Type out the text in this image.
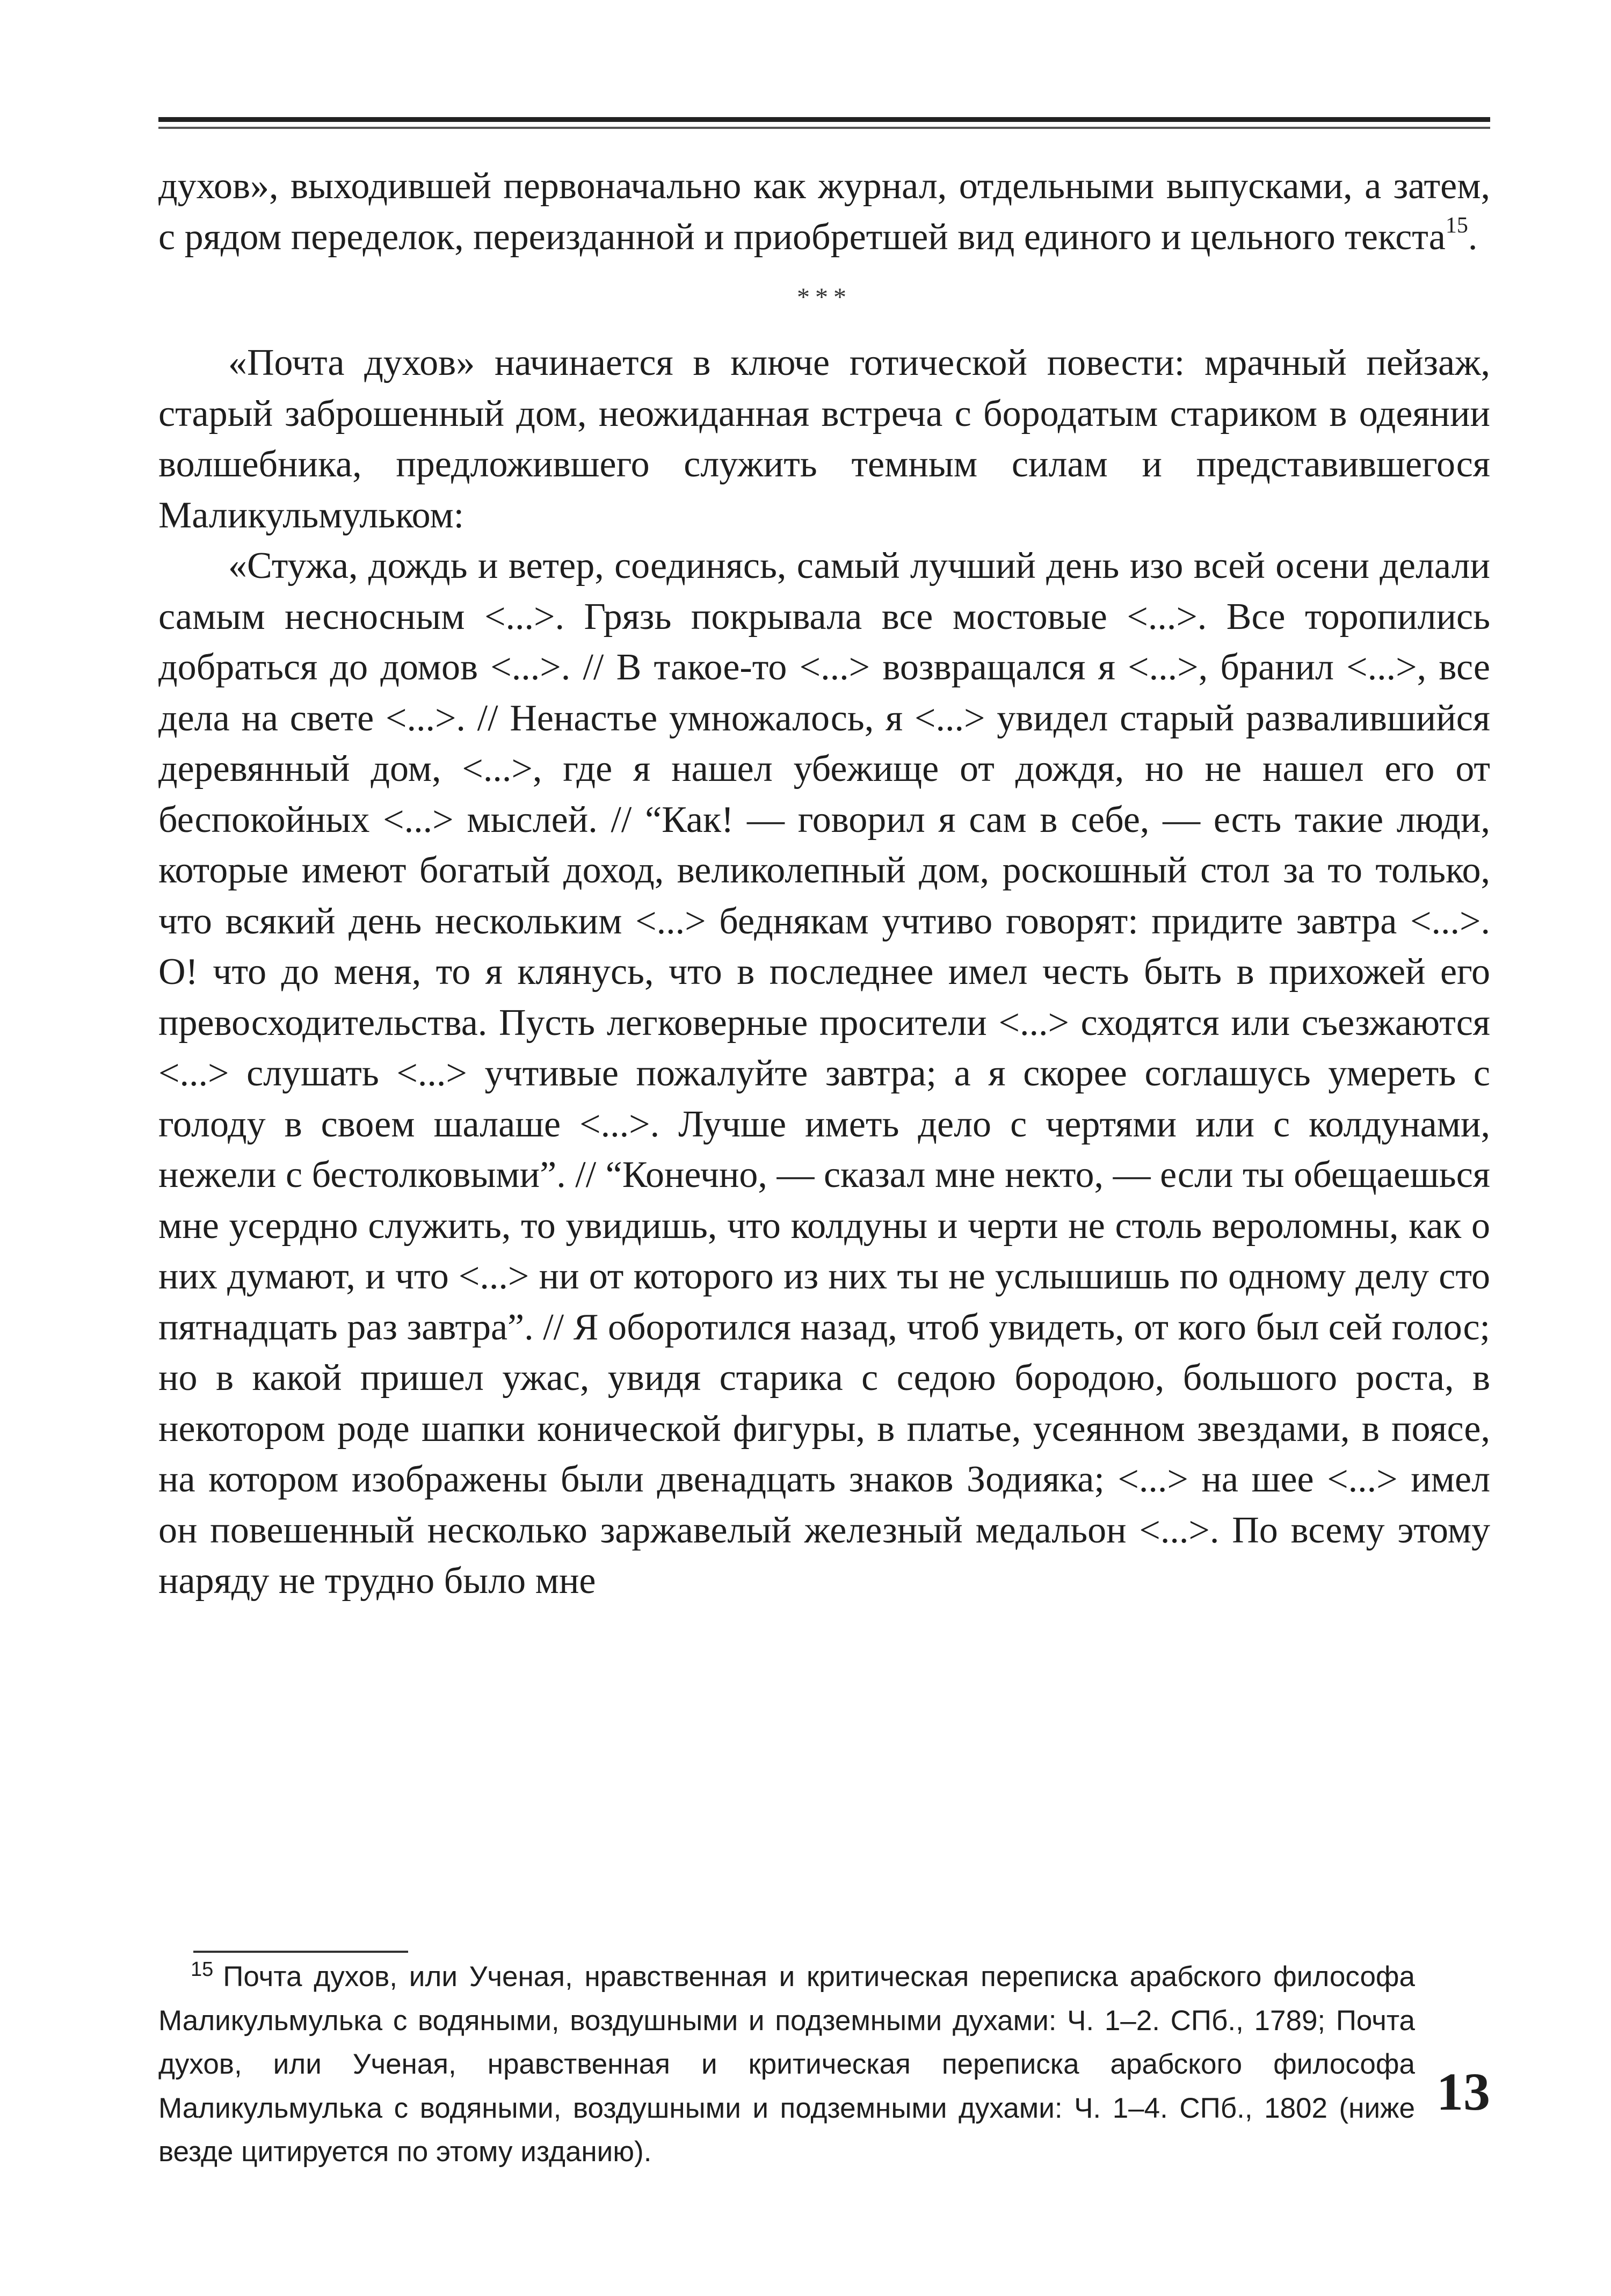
духов», выходившей первоначально как журнал, отдельными выпусками, а затем, с рядом переделок, переизданной и приобретшей вид единого и цельного текста$^{15}$.

***

«Почта духов» начинается в ключе готической повести: мрачный пейзаж, старый заброшенный дом, неожиданная встреча с бородатым стариком в одеянии волшебника, предложившего служить темным силам и представившегося Маликульмульком:

«Стужа, дождь и ветер, соединясь, самый лучший день изо всей осени делали самым несносным <...>. Грязь покрывала все мостовые <...>. Все торопились добраться до домов <...>. // В такое-то <...> возвращался я <...>, бранил <...>, все дела на свете <...>. // Ненастье умножалось, я <...> увидел старый развалившийся деревянный дом, <...>, где я нашел убежище от дождя, но не нашел его от беспокойных <...> мыслей. // “Как! — говорил я сам в себе, — есть такие люди, которые имеют богатый доход, великолепный дом, роскошный стол за то только, что всякий день нескольким <...> беднякам учтиво говорят: придите завтра <...>. О! что до меня, то я клянусь, что в последнее имел честь быть в прихожей его превосходительства. Пусть легковерные просители <...> сходятся или съезжаются <...> слушать <...> учтивые пожалуйте завтра; а я скорее соглашусь умереть с голоду в своем шалаше <...>. Лучше иметь дело с чертями или с колдунами, нежели с бестолковыми”. // “Конечно, — сказал мне некто, — если ты обещаешься мне усердно служить, то увидишь, что колдуны и черти не столь вероломны, как о них думают, и что <...> ни от которого из них ты не услышишь по одному делу сто пятнадцать раз завтра”. // Я оборотился назад, чтоб увидеть, от кого был сей голос; но в какой пришел ужас, увидя старика с седою бородою, большого роста, в некотором роде шапки конической фигуры, в платье, усеянном звездами, в поясе, на котором изображены были двенадцать знаков Зодияка; <...> на шее <...> имел он повешенный несколько заржавелый железный медальон <...>. По всему этому наряду не трудно было мне

$^{15}$ Почта духов, или Ученая, нравственная и критическая переписка арабского философа Маликульмулька с водяными, воздушными и подземными духами: Ч. 1–2. СПб., 1789; Почта духов, или Ученая, нравственная и критическая переписка арабского философа Маликульмулька с водяными, воздушными и подземными духами: Ч. 1–4. СПб., 1802 (ниже везде цитируется по этому изданию).
13
